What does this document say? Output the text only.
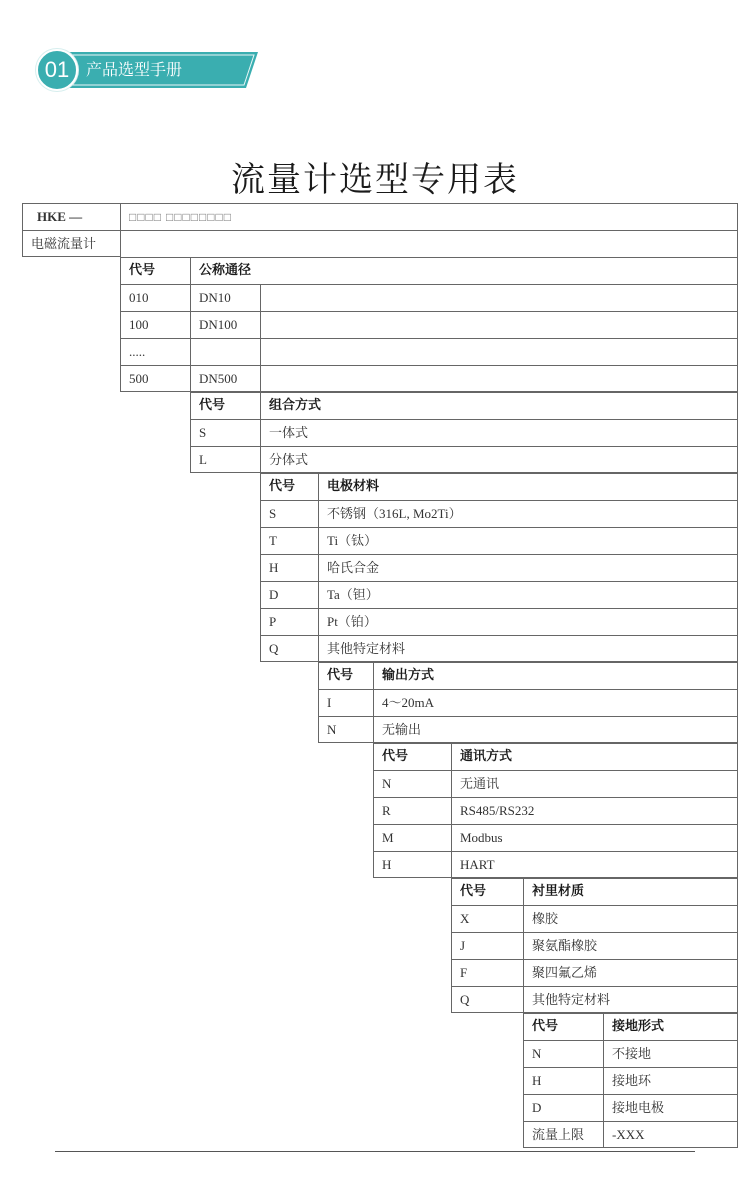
01	产品选型手册
流量计选型专用表
HKE —	□□□□ □□□□□□□□
电磁流量计
代号	公称通径
010	DN10
100	DN100
.....
500	DN500
代号	组合方式
S	一体式
L	分体式
代号	电极材料
S	不锈钢（316L, Mo2Ti）
T	Ti（钛）
H	哈氏合金
D	Ta（钽）
P	Pt（铂）
Q	其他特定材料
代号	输出方式
I	4～20mA
N	无输出
代号	通讯方式
N	无通讯
R	RS485/RS232
M	Modbus
H	HART
代号	衬里材质
X	橡胶
J	聚氨酯橡胶
F	聚四氟乙烯
Q	其他特定材料
代号	接地形式
N	不接地
H	接地环
D	接地电极
流量上限	-XXX
